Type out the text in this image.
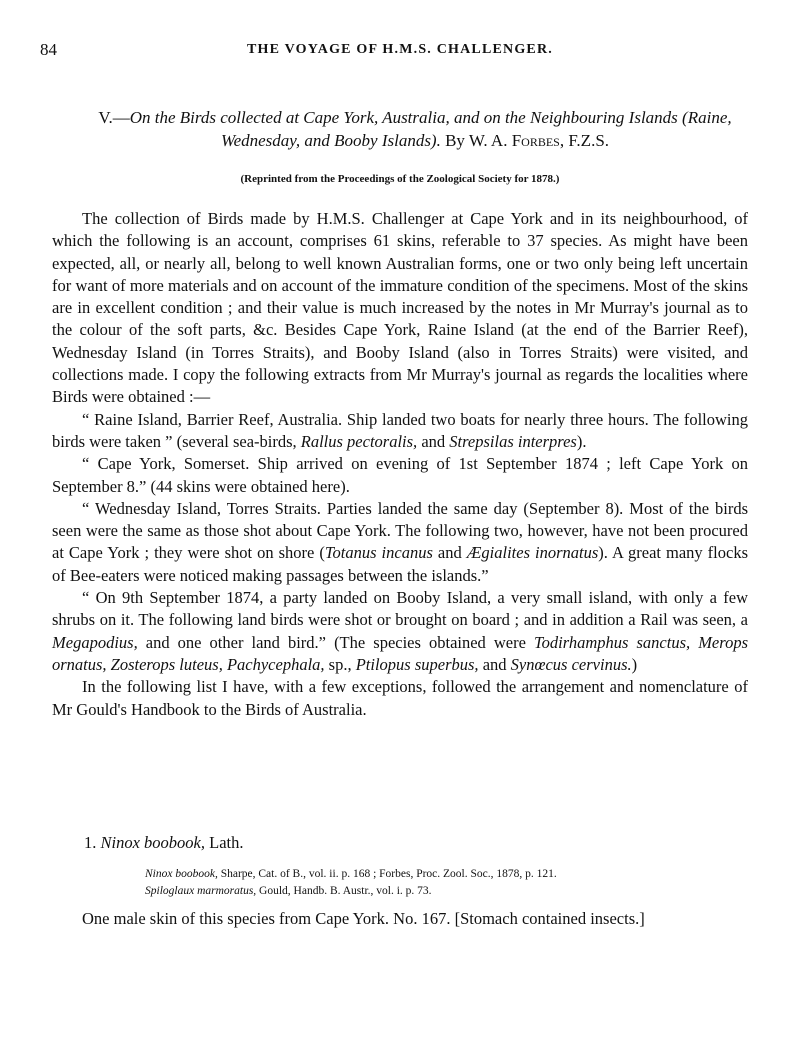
84	THE VOYAGE OF H.M.S. CHALLENGER.
V.—On the Birds collected at Cape York, Australia, and on the Neighbouring Islands (Raine, Wednesday, and Booby Islands). By W. A. Forbes, F.Z.S.
(Reprinted from the Proceedings of the Zoological Society for 1878.)

The collection of Birds made by H.M.S. Challenger at Cape York and in its neighbourhood, of which the following is an account, comprises 61 skins, referable to 37 species. As might have been expected, all, or nearly all, belong to well known Australian forms, one or two only being left uncertain for want of more materials and on account of the immature condition of the specimens. Most of the skins are in excellent condition ; and their value is much increased by the notes in Mr Murray's journal as to the colour of the soft parts, &c. Besides Cape York, Raine Island (at the end of the Barrier Reef), Wednesday Island (in Torres Straits), and Booby Island (also in Torres Straits) were visited, and collections made. I copy the following extracts from Mr Murray's journal as regards the localities where Birds were obtained :—

“ Raine Island, Barrier Reef, Australia. Ship landed two boats for nearly three hours. The following birds were taken ” (several sea-birds, Rallus pectoralis, and Strepsilas interpres).

“ Cape York, Somerset. Ship arrived on evening of 1st September 1874 ; left Cape York on September 8.” (44 skins were obtained here).

“ Wednesday Island, Torres Straits. Parties landed the same day (September 8). Most of the birds seen were the same as those shot about Cape York. The following two, however, have not been procured at Cape York ; they were shot on shore (Totanus incanus and Ægialites inornatus). A great many flocks of Bee-eaters were noticed making passages between the islands.”

“ On 9th September 1874, a party landed on Booby Island, a very small island, with only a few shrubs on it. The following land birds were shot or brought on board ; and in addition a Rail was seen, a Megapodius, and one other land bird.” (The species obtained were Todirhamphus sanctus, Merops ornatus, Zosterops luteus, Pachycephala, sp., Ptilopus superbus, and Synœcus cervinus.)

In the following list I have, with a few exceptions, followed the arrangement and nomenclature of Mr Gould's Handbook to the Birds of Australia.

1. Ninox boobook, Lath.
Ninox boobook, Sharpe, Cat. of B., vol. ii. p. 168 ; Forbes, Proc. Zool. Soc., 1878, p. 121.
Spiloglaux marmoratus, Gould, Handb. B. Austr., vol. i. p. 73.

One male skin of this species from Cape York. No. 167. [Stomach contained insects.]
